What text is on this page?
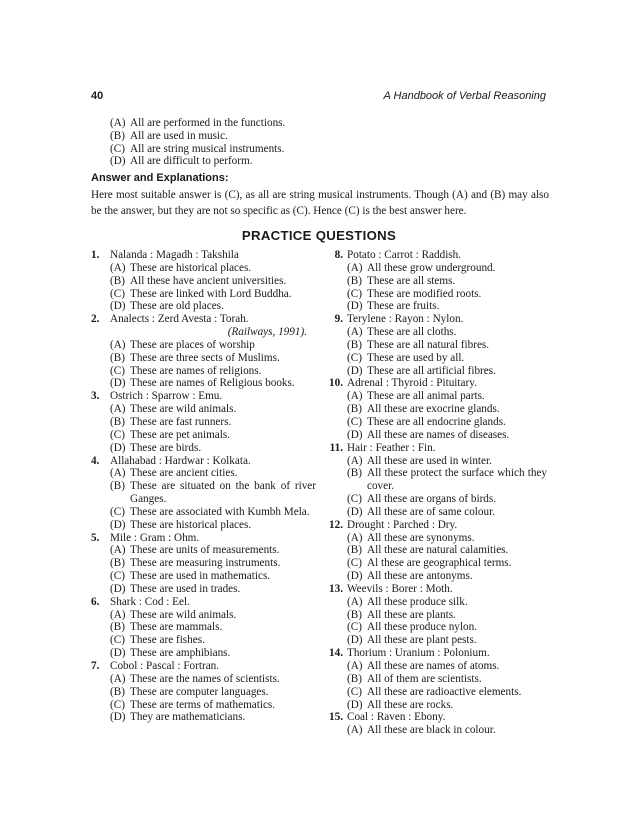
40	A Handbook of Verbal Reasoning
(A) All are performed in the functions.
(B) All are used in music.
(C) All are string musical instruments.
(D) All are difficult to perform.
Answer and Explanations:
Here most suitable answer is (C), as all are string musical instruments. Though (A) and (B) may also be the answer, but they are not so specific as (C). Hence (C) is the best answer here.
PRACTICE QUESTIONS
1. Nalanda : Magadh : Takshila
(A) These are historical places.
(B) All these have ancient universities.
(C) These are linked with Lord Buddha.
(D) These are old places.
2. Analects : Zerd Avesta : Torah.
(Railways, 1991).
(A) These are places of worship
(B) These are three sects of Muslims.
(C) These are names of religions.
(D) These are names of Religious books.
3. Ostrich : Sparrow : Emu.
(A) These are wild animals.
(B) These are fast runners.
(C) These are pet animals.
(D) These are birds.
4. Allahabad : Hardwar : Kolkata.
(A) These are ancient cities.
(B) These are situated on the bank of river Ganges.
(C) These are associated with Kumbh Mela.
(D) These are historical places.
5. Mile : Gram : Ohm.
(A) These are units of measurements.
(B) These are measuring instruments.
(C) These are used in mathematics.
(D) These are used in trades.
6. Shark : Cod : Eel.
(A) These are wild animals.
(B) These are mammals.
(C) These are fishes.
(D) These are amphibians.
7. Cobol : Pascal : Fortran.
(A) These are the names of scientists.
(B) These are computer languages.
(C) These are terms of mathematics.
(D) They are mathematicians.
8. Potato : Carrot : Raddish.
(A) All these grow underground.
(B) These are all stems.
(C) These are modified roots.
(D) These are fruits.
9. Terylene : Rayon : Nylon.
(A) These are all cloths.
(B) These are all natural fibres.
(C) These are used by all.
(D) These are all artificial fibres.
10. Adrenal : Thyroid : Pituitary.
(A) These are all animal parts.
(B) All these are exocrine glands.
(C) These are all endocrine glands.
(D) All these are names of diseases.
11. Hair : Feather : Fin.
(A) All these are used in winter.
(B) All these protect the surface which they cover.
(C) All these are organs of birds.
(D) All these are of same colour.
12. Drought : Parched : Dry.
(A) All these are synonyms.
(B) All these are natural calamities.
(C) Al these are geographical terms.
(D) All these are antonyms.
13. Weevils : Borer : Moth.
(A) All these produce silk.
(B) All these are plants.
(C) All these produce nylon.
(D) All these are plant pests.
14. Thorium : Uranium : Polonium.
(A) All these are names of atoms.
(B) All of them are scientists.
(C) All these are radioactive elements.
(D) All these are rocks.
15. Coal : Raven : Ebony.
(A) All these are black in colour.
